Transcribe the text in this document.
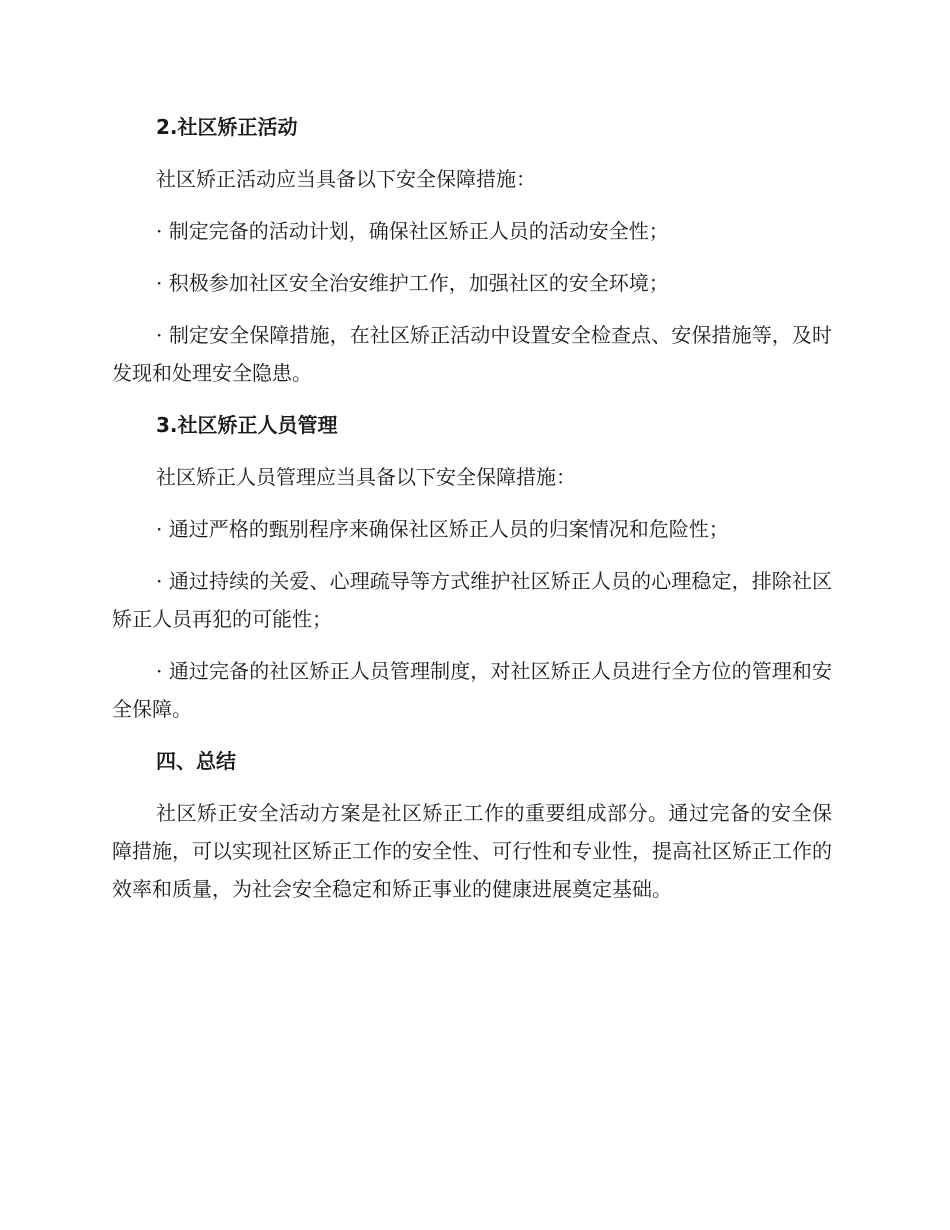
2.社区矫正活动

社区矫正活动应当具备以下安全保障措施：

· 制定完备的活动计划，确保社区矫正人员的活动安全性；

· 积极参加社区安全治安维护工作，加强社区的安全环境；

· 制定安全保障措施，在社区矫正活动中设置安全检查点、安保措施等，及时发现和处理安全隐患。

3.社区矫正人员管理

社区矫正人员管理应当具备以下安全保障措施：

· 通过严格的甄别程序来确保社区矫正人员的归案情况和危险性；

· 通过持续的关爱、心理疏导等方式维护社区矫正人员的心理稳定，排除社区矫正人员再犯的可能性；

· 通过完备的社区矫正人员管理制度，对社区矫正人员进行全方位的管理和安全保障。

四、总结

社区矫正安全活动方案是社区矫正工作的重要组成部分。通过完备的安全保障措施，可以实现社区矫正工作的安全性、可行性和专业性，提高社区矫正工作的效率和质量，为社会安全稳定和矫正事业的健康进展奠定基础。
